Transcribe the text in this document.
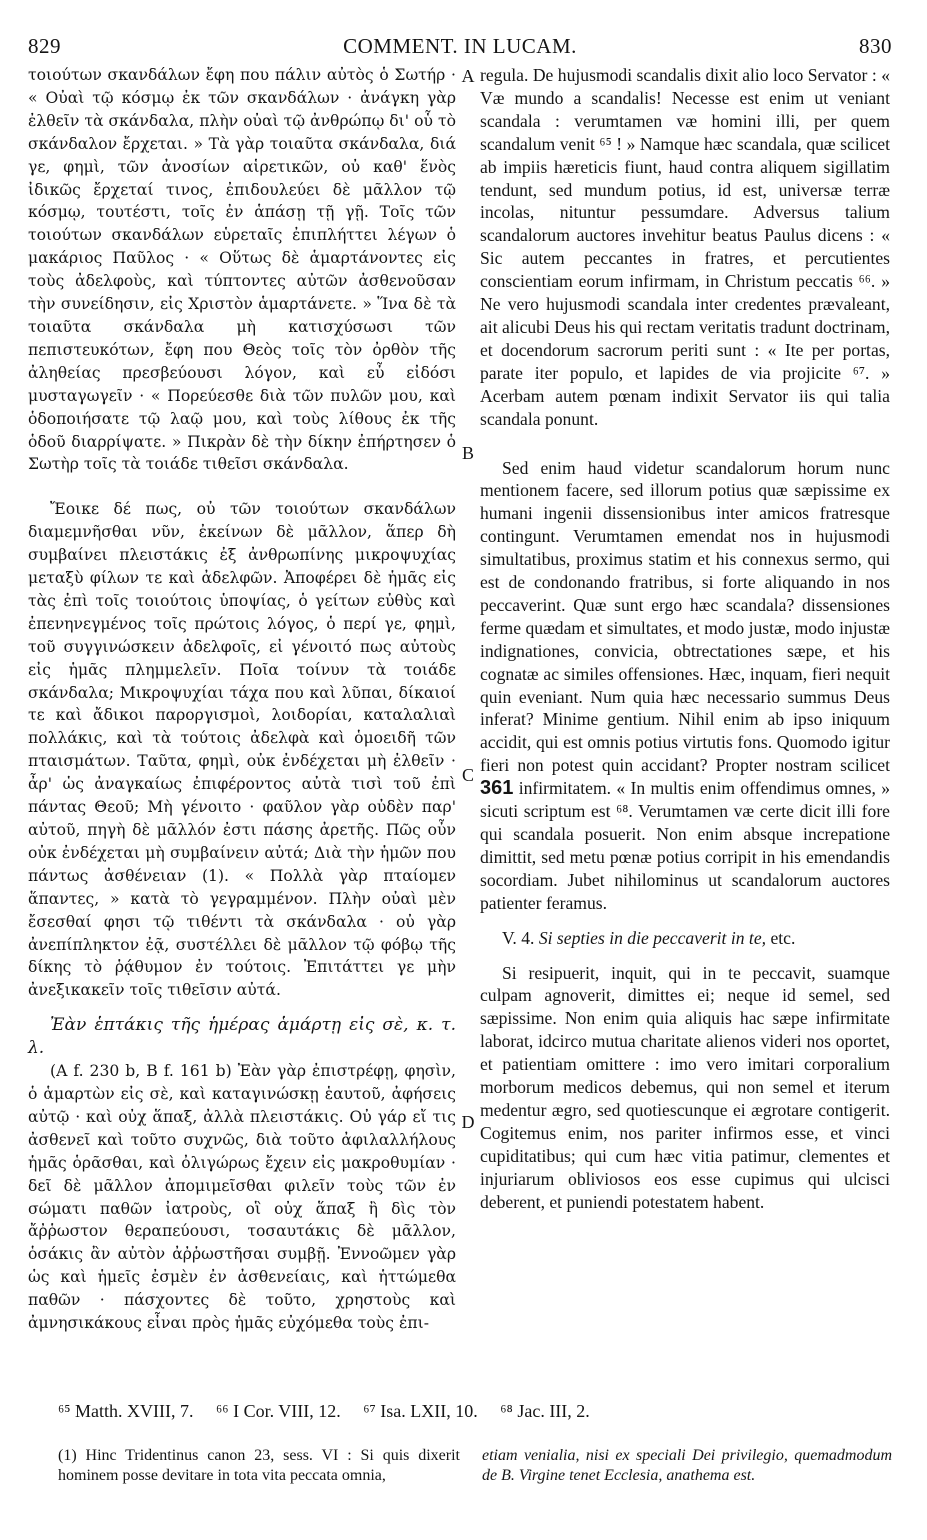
829	COMMENT. IN LUCAM.	830
A
B
C
D

τοιούτων σκανδάλων ἔφη που πάλιν αὐτὸς ὁ Σωτήρ · « Οὐαὶ τῷ κόσμῳ ἐκ τῶν σκανδάλων · ἀνάγκη γὰρ ἐλθεῖν τὰ σκάνδαλα, πλὴν οὐαὶ τῷ ἀνθρώπῳ δι' οὗ τὸ σκάνδαλον ἔρχεται. » Τὰ γὰρ τοιαῦτα σκάνδαλα, διά γε, φημὶ, τῶν ἀνοσίων αἱρετικῶν, οὐ καθ' ἕνὸς ἰδικῶς ἔρχεταί τινος, ἐπιδουλεύει δὲ μᾶλλον τῷ κόσμῳ, τουτέστι, τοῖς ἐν ἁπάσῃ τῇ γῇ. Τοῖς τῶν τοιούτων σκανδάλων εὑρεταῖς ἐπιπλήττει λέγων ὁ μακάριος Παῦλος · « Οὕτως δὲ ἁμαρτάνοντες εἰς τοὺς ἀδελφοὺς, καὶ τύπτοντες αὐτῶν ἀσθενοῦσαν τὴν συνείδησιν, εἰς Χριστὸν ἁμαρτάνετε. » Ἵνα δὲ τὰ τοιαῦτα σκάνδαλα μὴ κατισχύσωσι τῶν πεπιστευκότων, ἔφη που Θεὸς τοῖς τὸν ὀρθὸν τῆς ἀληθείας πρεσβεύουσι λόγον, καὶ εὖ εἰδόσι μυσταγωγεῖν · « Πορεύεσθε διὰ τῶν πυλῶν μου, καὶ ὁδοποιήσατε τῷ λαῷ μου, καὶ τοὺς λίθους ἐκ τῆς ὁδοῦ διαρρίψατε. » Πικρὰν δὲ τὴν δίκην ἐπήρτησεν ὁ Σωτὴρ τοῖς τὰ τοιάδε τιθεῖσι σκάνδαλα.

Ἔοικε δέ πως, οὐ τῶν τοιούτων σκανδάλων διαμεμνῆσθαι νῦν, ἐκείνων δὲ μᾶλλον, ἅπερ δὴ συμβαίνει πλειστάκις ἐξ ἀνθρωπίνης μικροψυχίας μεταξὺ φίλων τε καὶ ἀδελφῶν. Ἀποφέρει δὲ ἡμᾶς εἰς τὰς ἐπὶ τοῖς τοιούτοις ὑποψίας, ὁ γείτων εὐθὺς καὶ ἐπενηνεγμένος τοῖς πρώτοις λόγος, ὁ περί γε, φημὶ, τοῦ συγγινώσκειν ἀδελφοῖς, εἰ γένοιτό πως αὐτοὺς εἰς ἡμᾶς πλημμελεῖν. Ποῖα τοίνυν τὰ τοιάδε σκάνδαλα; Μικροψυχίαι τάχα που καὶ λῦπαι, δίκαιοί τε καὶ ἄδικοι παροργισμοὶ, λοιδορίαι, καταλαλιαὶ πολλάκις, καὶ τὰ τούτοις ἀδελφὰ καὶ ὁμοειδῆ τῶν πταισμάτων. Ταῦτα, φημὶ, οὐκ ἐνδέχεται μὴ ἐλθεῖν · ἆρ' ὡς ἀναγκαίως ἐπιφέροντος αὐτὰ τισὶ τοῦ ἐπὶ πάντας Θεοῦ; Μὴ γένοιτο · φαῦλον γὰρ οὐδὲν παρ' αὐτοῦ, πηγὴ δὲ μᾶλλόν ἐστι πάσης ἀρετῆς. Πῶς οὖν οὐκ ἐνδέχεται μὴ συμβαίνειν αὐτά; Διὰ τὴν ἡμῶν που πάντως ἀσθένειαν (1). « Πολλὰ γὰρ πταίομεν ἅπαντες, » κατὰ τὸ γεγραμμένον. Πλὴν οὐαὶ μὲν ἔσεσθαί φησι τῷ τιθέντι τὰ σκάνδαλα · οὐ γὰρ ἀνεπίπληκτον ἐᾷ, συστέλλει δὲ μᾶλλον τῷ φόβῳ τῆς δίκης τὸ ῥᾴθυμον ἐν τούτοις. Ἐπιτάττει γε μὴν ἀνεξικακεῖν τοῖς τιθεῖσιν αὐτά.

Ἐὰν ἑπτάκις τῆς ἡμέρας ἁμάρτῃ εἰς σὲ, κ. τ. λ.

(A f. 230 b, B f. 161 b) Ἐὰν γὰρ ἐπιστρέφῃ, φησὶν, ὁ ἁμαρτὼν εἰς σὲ, καὶ καταγινώσκῃ ἑαυτοῦ, ἀφήσεις αὐτῷ · καὶ οὐχ ἅπαξ, ἀλλὰ πλειστάκις. Οὐ γάρ εἴ τις ἀσθενεῖ καὶ τοῦτο συχνῶς, διὰ τοῦτο ἀφιλαλλήλους ἡμᾶς ὁρᾶσθαι, καὶ ὀλιγώρως ἔχειν εἰς μακροθυμίαν · δεῖ δὲ μᾶλλον ἀπομιμεῖσθαι φιλεῖν τοὺς τῶν ἐν σώματι παθῶν ἰατροὺς, οἳ οὐχ ἅπαξ ἢ δὶς τὸν ἄῤῥωστον θεραπεύουσι, τοσαυτάκις δὲ μᾶλλον, ὁσάκις ἂν αὐτὸν ἀῤῥωστῆσαι συμβῇ. Ἐννοῶμεν γὰρ ὡς καὶ ἡμεῖς ἐσμὲν ἐν ἀσθενείαις, καὶ ἡττώμεθα παθῶν · πάσχοντες δὲ τοῦτο, χρηστοὺς καὶ ἀμνησικάκους εἶναι πρὸς ἡμᾶς εὐχόμεθα τοὺς ἐπι-

regula. De hujusmodi scandalis dixit alio loco Servator : « Væ mundo a scandalis! Necesse est enim ut veniant scandala : verumtamen væ homini illi, per quem scandalum venit ⁶⁵ ! » Namque hæc scandala, quæ scilicet ab impiis hæreticis fiunt, haud contra aliquem sigillatim tendunt, sed mundum potius, id est, universæ terræ incolas, nituntur pessumdare. Adversus talium scandalorum auctores invehitur beatus Paulus dicens : « Sic autem peccantes in fratres, et percutientes conscientiam eorum infirmam, in Christum peccatis ⁶⁶. » Ne vero hujusmodi scandala inter credentes prævaleant, ait alicubi Deus his qui rectam veritatis tradunt doctrinam, et docendorum sacrorum periti sunt : « Ite per portas, parate iter populo, et lapides de via projicite ⁶⁷. » Acerbam autem pœnam indixit Servator iis qui talia scandala ponunt.

Sed enim haud videtur scandalorum horum nunc mentionem facere, sed illorum potius quæ sæpissime ex humani ingenii dissensionibus inter amicos fratresque contingunt. Verumtamen emendat nos in hujusmodi simultatibus, proximus statim et his connexus sermo, qui est de condonando fratribus, si forte aliquando in nos peccaverint. Quæ sunt ergo hæc scandala? dissensiones ferme quædam et simultates, et modo justæ, modo injustæ indignationes, convicia, obtrectationes sæpe, et his cognatæ ac similes offensiones. Hæc, inquam, fieri nequit quin eveniant. Num quia hæc necessario summus Deus inferat? Minime gentium. Nihil enim ab ipso iniquum accidit, qui est omnis potius virtutis fons. Quomodo igitur fieri non potest quin accidant? Propter nostram scilicet 361 infirmitatem. « In multis enim offendimus omnes, » sicuti scriptum est ⁶⁸. Verumtamen væ certe dicit illi fore qui scandala posuerit. Non enim absque increpatione dimittit, sed metu pœnæ potius corripit in his emendandis socordiam. Jubet nihilominus ut scandalorum auctores patienter feramus.

V. 4. Si septies in die peccaverit in te, etc.

Si resipuerit, inquit, qui in te peccavit, suamque culpam agnoverit, dimittes ei; neque id semel, sed sæpissime. Non enim quia aliquis hac sæpe infirmitate laborat, idcirco mutua charitate alienos videri nos oportet, et patientiam omittere : imo vero imitari corporalium morborum medicos debemus, qui non semel et iterum medentur ægro, sed quotiescunque ei ægrotare contigerit. Cogitemus enim, nos pariter infirmos esse, et vinci cupiditatibus; qui cum hæc vitia patimur, clementes et injuriarum obliviosos eos esse cupimus qui ulcisci deberent, et puniendi potestatem habent.

⁶⁵ Matth. XVIII, 7. ⁶⁶ I Cor. VIII, 12. ⁶⁷ Isa. LXII, 10. ⁶⁸ Jac. III, 2.

(1) Hinc Tridentinus canon 23, sess. VI : Si quis dixerit hominem posse devitare in tota vita peccata omnia,

etiam venialia, nisi ex speciali Dei privilegio, quemadmodum de B. Virgine tenet Ecclesia, anathema est.
